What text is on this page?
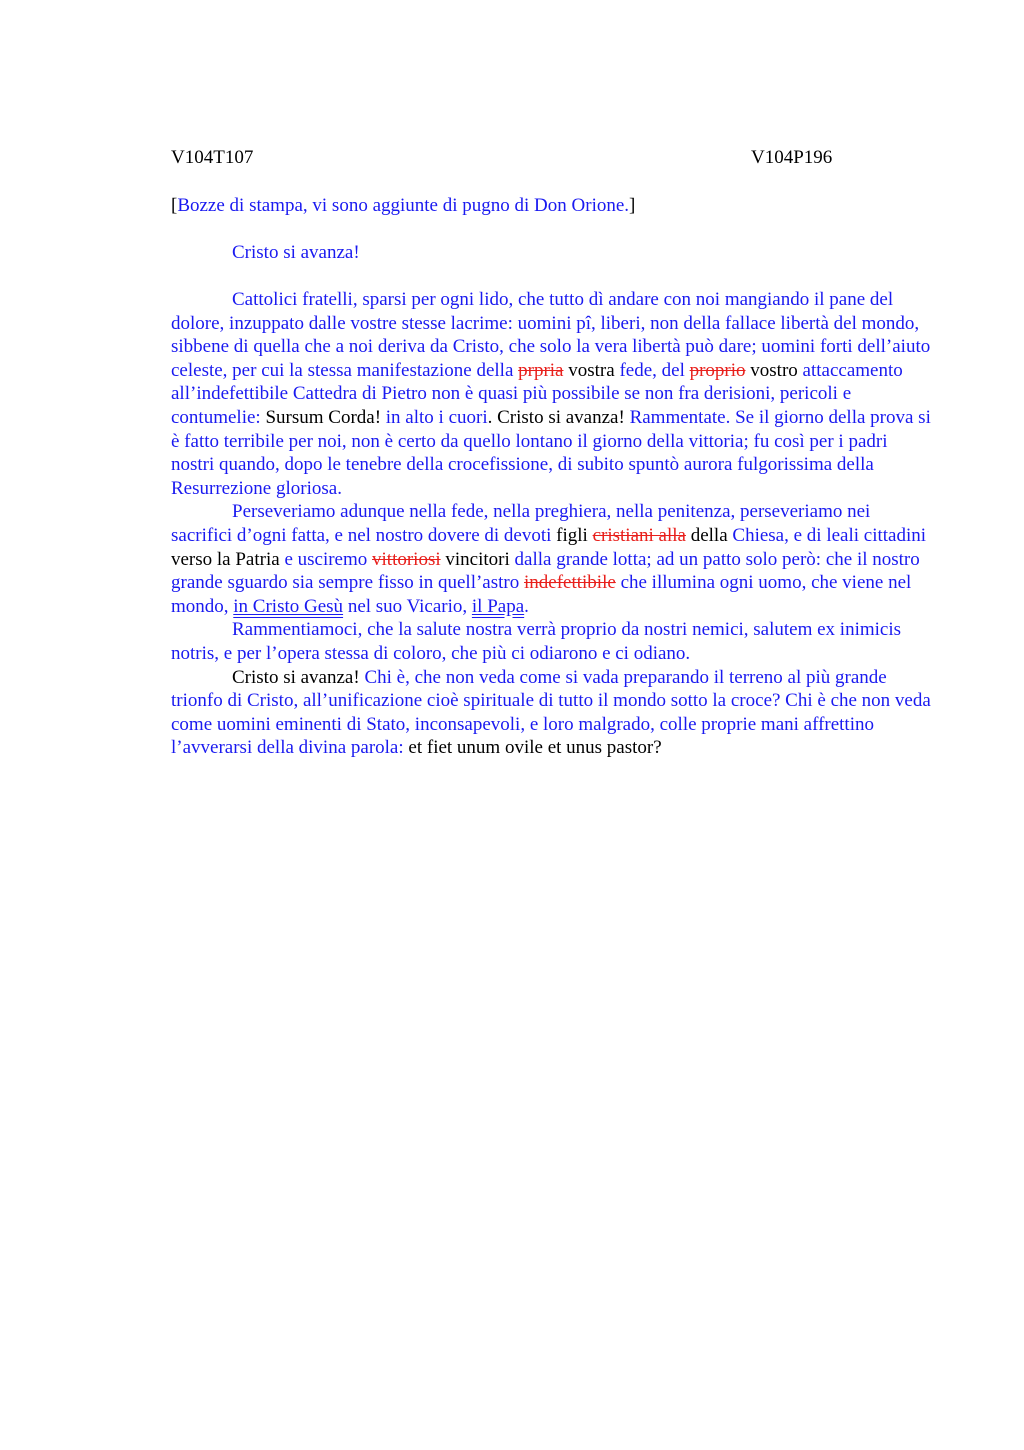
V104T107	V104P196
[Bozze di stampa, vi sono aggiunte di pugno di Don Orione.]
Cristo si avanza!

Cattolici fratelli, sparsi per ogni lido, che tutto dì andare con noi mangiando il pane del dolore, inzuppato dalle vostre stesse lacrime: uomini pî, liberi, non della fallace libertà del mondo, sibbene di quella che a noi deriva da Cristo, che solo la vera libertà può dare; uomini forti dell’aiuto celeste, per cui la stessa manifestazione della prpria vostra fede, del proprio vostro attaccamento all’indefettibile Cattedra di Pietro non è quasi più possibile se non fra derisioni, pericoli e contumelie: Sursum Corda! in alto i cuori. Cristo si avanza! Rammentate. Se il giorno della prova si è fatto terribile per noi, non è certo da quello lontano il giorno della vittoria; fu così per i padri nostri quando, dopo le tenebre della crocefissione, di subito spuntò aurora fulgorissima della Resurrezione gloriosa.

Perseveriamo adunque nella fede, nella preghiera, nella penitenza, perseveriamo nei sacrifici d’ogni fatta, e nel nostro dovere di devoti figli cristiani alla della Chiesa, e di leali cittadini verso la Patria e usciremo vittoriosi vincitori dalla grande lotta; ad un patto solo però: che il nostro grande sguardo sia sempre fisso in quell’astro indefettibile che illumina ogni uomo, che viene nel mondo, in Cristo Gesù nel suo Vicario, il Papa.

Rammentiamoci, che la salute nostra verrà proprio da nostri nemici, salutem ex inimicis notris, e per l’opera stessa di coloro, che più ci odiarono e ci odiano.

Cristo si avanza! Chi è, che non veda come si vada preparando il terreno al più grande trionfo di Cristo, all’unificazione cioè spirituale di tutto il mondo sotto la croce? Chi è che non veda come uomini eminenti di Stato, inconsapevoli, e loro malgrado, colle proprie mani affrettino l’avverarsi della divina parola: et fiet unum ovile et unus pastor?
